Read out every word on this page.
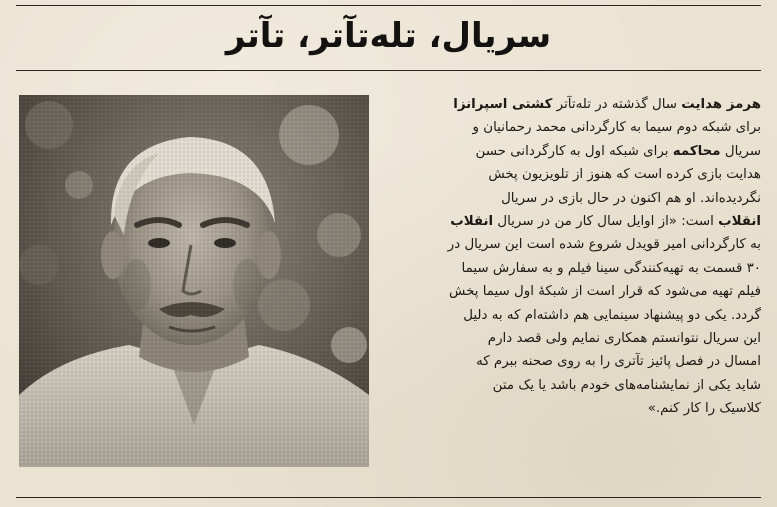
سریال، تله‌تآتر، تآتر
هرمز هدایت سال گذشته در تله‌تآتر کشتی اسپرانزا
برای شبکه دوم سیما به کارگردانی محمد رحمانیان و
سریال محاکمه برای شبکه اول به کارگردانی حسن
هدایت بازی کرده است که هنوز از تلویزیون پخش
نگردیده‌اند. او هم اکنون در حال بازی در سریال
انقلاب است: «از اوایل سال کار من در سریال انقلاب
به کارگردانی امیر قویدل شروع شده است این سریال در
۳۰ قسمت به تهیه‌کنندگی سینا فیلم و به سفارش سیما
فیلم تهیه می‌شود که قرار است از شبکهٔ اول سیما پخش
گردد. یکی دو پیشنهاد سینمایی هم داشته‌ام که به دلیل
این سریال نتوانستم همکاری نمایم ولی قصد دارم
امسال در فصل پائیز تآتری را به روی صحنه ببرم که
شاید یکی از نمایشنامه‌های خودم باشد یا یک متن
کلاسیک را کار کنم.»
